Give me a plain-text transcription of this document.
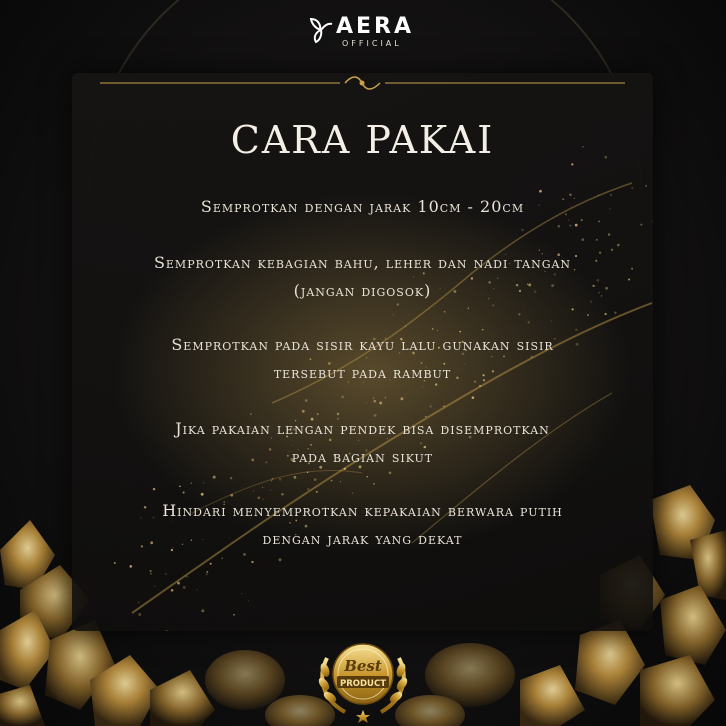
AERA
OFFICIAL
CARA PAKAI
Semprotkan dengan jarak 10cm - 20cm
Semprotkan kebagian bahu, leher dan nadi tangan
(jangan digosok)
Semprotkan pada sisir kayu lalu gunakan sisir
tersebut pada rambut
Jika pakaian lengan pendek bisa disemprotkan
pada bagian sikut
Hindari menyemprotkan kepakaian berwara putih
dengan jarak yang dekat
Best
PRODUCT
